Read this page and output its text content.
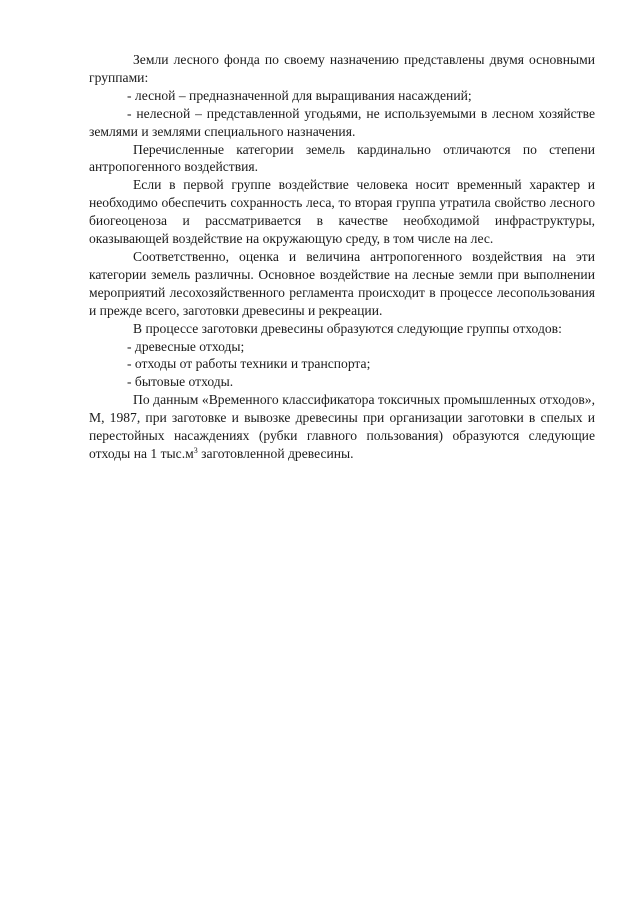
Земли лесного фонда по своему назначению представлены двумя основными группами:

- лесной – предназначенной для выращивания насаждений;

- нелесной – представленной угодьями, не используемыми в лесном хозяйстве землями и землями специального назначения.

Перечисленные категории земель кардинально отличаются по степени антропогенного воздействия.

Если в первой группе воздействие человека носит временный характер и необходимо обеспечить сохранность леса, то вторая группа утратила свойство лесного биогеоценоза и рассматривается в качестве необходимой инфраструктуры, оказывающей воздействие на окружающую среду, в том числе на лес.

Соответственно, оценка и величина антропогенного воздействия на эти категории земель различны. Основное воздействие на лесные земли при выполнении мероприятий лесохозяйственного регламента происходит в процессе лесопользования и прежде всего, заготовки древесины и рекреации.

В процессе заготовки древесины образуются следующие группы отходов:

- древесные отходы;

- отходы от работы техники и транспорта;

- бытовые отходы.

По данным «Временного классификатора токсичных промышленных отходов», М, 1987, при заготовке и вывозке древесины при организации заготовки в спелых и перестойных насаждениях (рубки главного пользования) образуются следующие отходы на 1 $тыс.м^3$ заготовленной древесины.
